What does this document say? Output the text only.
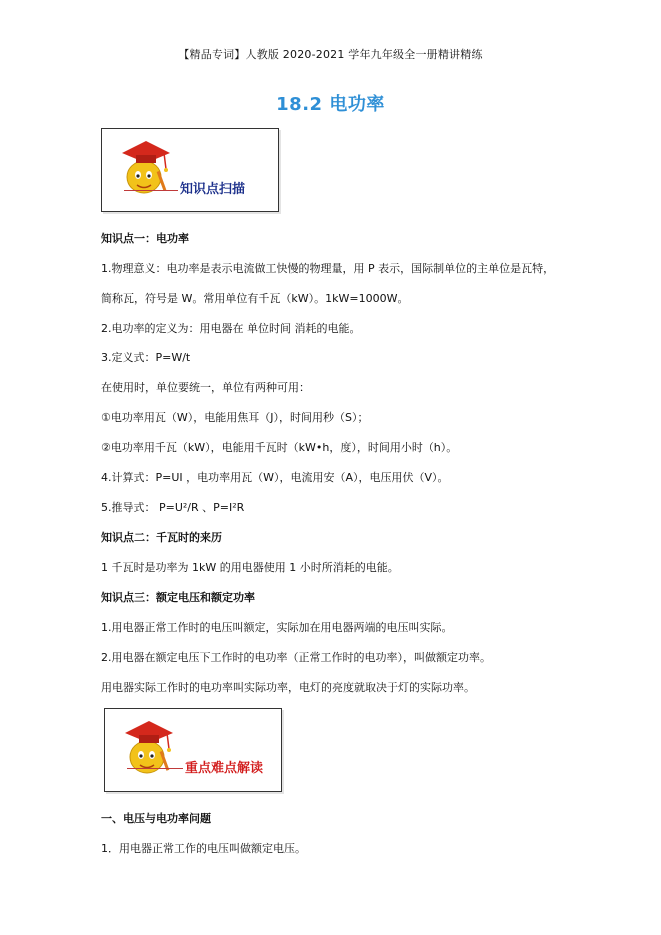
【精品专词】人教版 2020-2021 学年九年级全一册精讲精练
18.2 电功率
知识点扫描
知识点一：电功率
1.物理意义：电功率是表示电流做工快慢的物理量，用 P 表示，国际制单位的主单位是瓦特，
简称瓦，符号是 W。常用单位有千瓦（kW）。1kW=1000W。
2.电功率的定义为：用电器在 单位时间 消耗的电能。
3.定义式：P=W/t
在使用时，单位要统一，单位有两种可用：
①电功率用瓦（W），电能用焦耳（J），时间用秒（S）；
②电功率用千瓦（kW），电能用千瓦时（kW•h，度），时间用小时（h）。
4.计算式：P=UI ，电功率用瓦（W），电流用安（A），电压用伏（V）。
5.推导式： P=U²/R 、P=I²R
知识点二：千瓦时的来历
1 千瓦时是功率为 1kW 的用电器使用 1 小时所消耗的电能。
知识点三：额定电压和额定功率
1.用电器正常工作时的电压叫额定，实际加在用电器两端的电压叫实际。
2.用电器在额定电压下工作时的电功率（正常工作时的电功率），叫做额定功率。
用电器实际工作时的电功率叫实际功率，电灯的亮度就取决于灯的实际功率。
重点难点解读
一、电压与电功率问题
1．用电器正常工作的电压叫做额定电压。
